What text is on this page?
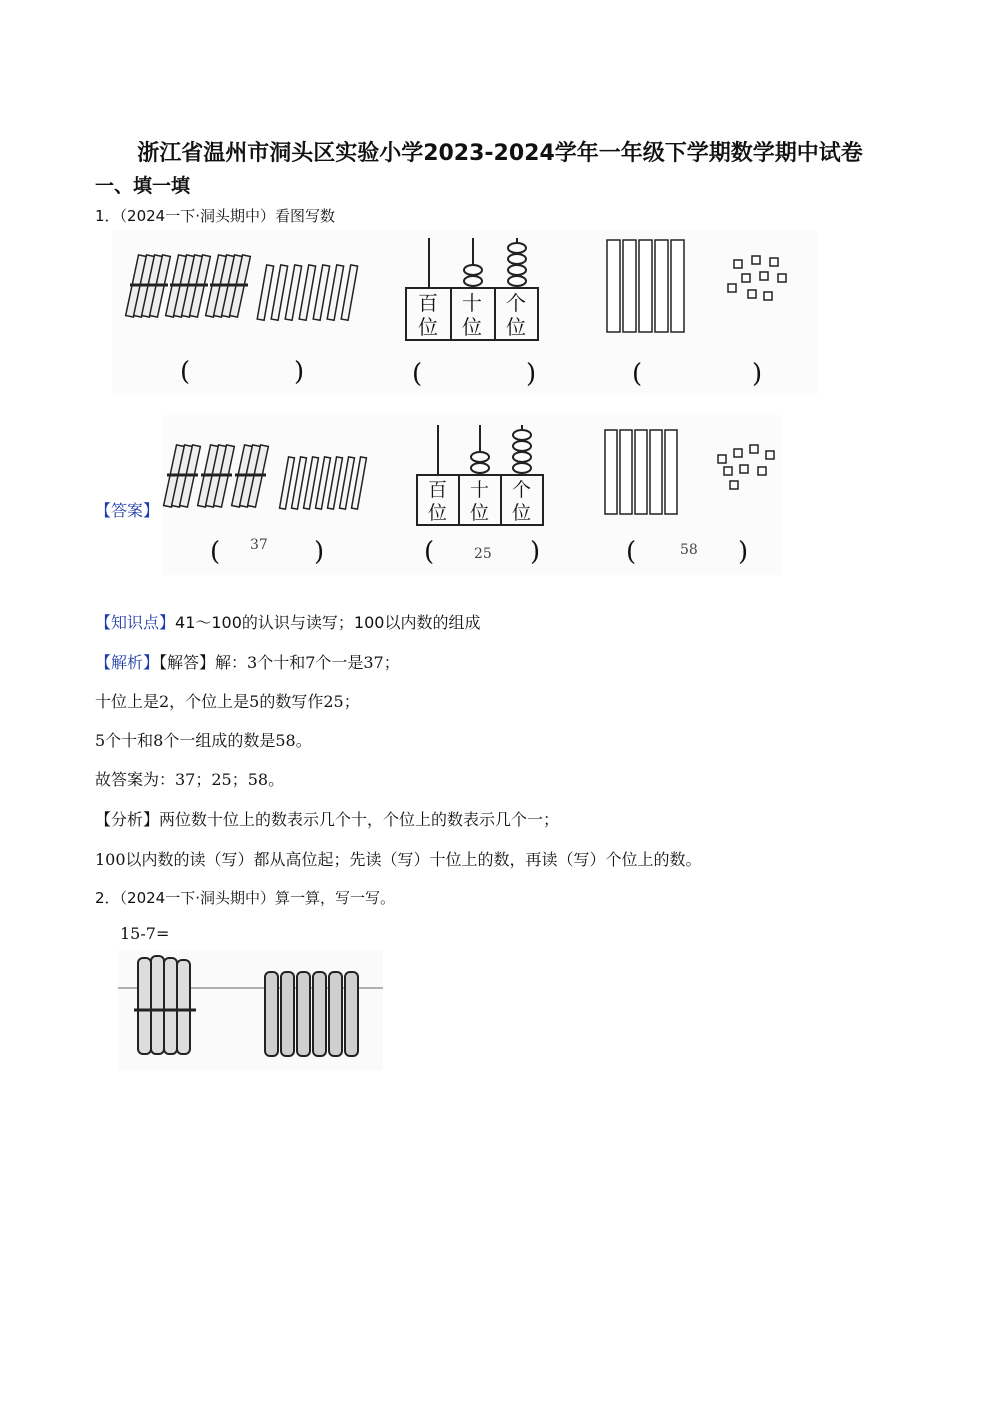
浙江省温州市洞头区实验小学2023-2024学年一年级下学期数学期中试卷
一、填一填
1．（2024一下·洞头期中）看图写数
百
位
十
位
个
位
(	)	(	)	(	)
【答案】
百
位
十
位
个
位
(	)	(	)	(	)
37
25	58
【知识点】41～100的认识与读写；100以内数的组成
【解析】【解答】解：3个十和7个一是37；
十位上是2，个位上是5的数写作25；
5个十和8个一组成的数是58。
故答案为：37；25；58。
【分析】两位数十位上的数表示几个十，个位上的数表示几个一；
100以内数的读（写）都从高位起；先读（写）十位上的数，再读（写）个位上的数。
2．（2024一下·洞头期中）算一算，写一写。
15-7=
